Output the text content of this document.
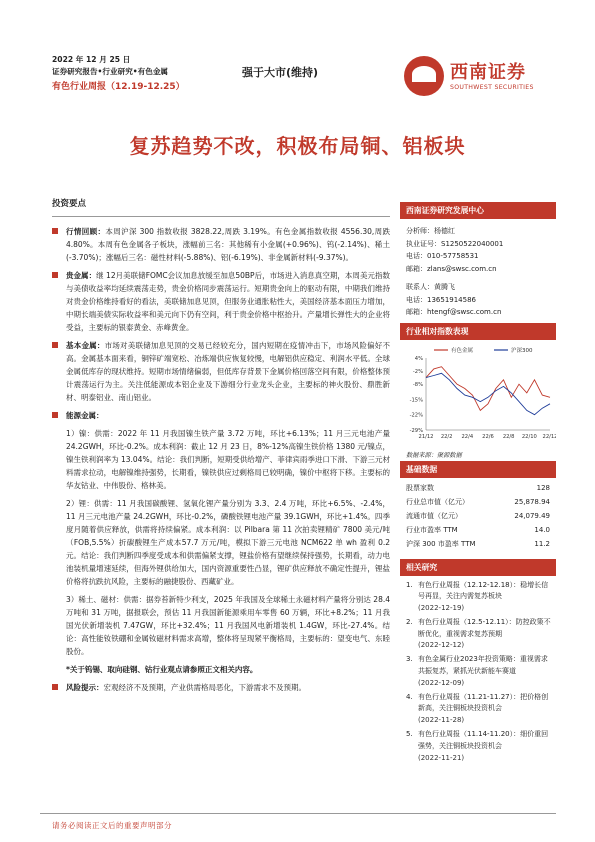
2022 年 12 月 25 日
证券研究报告•行业研究•有色金属
有色行业周报（12.19-12.25）
强于大市(维持)	西南证券
SOUTHWEST SECURITIES
复苏趋势不改，积极布局铜、铝板块
投资要点
行情回顾：本周沪深 300 指数收报 3828.22,周跌 3.19%。有色金属指数收报 4556.30,周跌 4.80%。本周有色金属各子板块，涨幅前三名：其他稀有小金属(+0.96%)、钨(-2.14%)、稀土(-3.70%)；涨幅后三名：磁性材料(-5.88%)、铝(-6.19%)、非金属新材料(-9.37%)。
贵金属：继 12月美联储FOMC会议加息放缓至加息50BP后，市场进入消息真空期，本周美元指数与美债收益率均延续震荡走势，贵金价格同步震荡运行。短期贵金向上的驱动有限，中期我们维持对贵金价格维持看好的看法，美联储加息见顶，但服务业通胀粘性大，美国经济基本面压力增加，中期长端美债实际收益率和美元向下仍有空间，利于贵金价格中枢抬升。产量增长弹性大的企业将受益，主要标的银泰黄金、赤峰黄金。
基本金属：市场对美联储加息见顶的交易已经较充分，国内短期在疫情冲击下，市场风险偏好不高。金属基本面来看，铜锌矿端宽松、冶炼端供应恢复较慢，电解铝供应稳定、利润水平低。全球金属低库存的现状维持。短期市场情绪偏弱，但低库存背景下金属价格回落空间有限，价格整体预计震荡运行为主。关注低能源成本铝企业及下游细分行业龙头企业，主要标的神火股份、鼎胜新材、明泰铝业、南山铝业。
能源金属：
1）镍：供需：2022 年 11 月我国镍生铁产量 3.72 万吨，环比+6.13%；11 月三元电池产量 24.2GWH，环比-0.2%。成本利润：截止 12 月 23 日，8%-12%高镍生铁价格 1380 元/镍点，镍生铁利润率为 13.04%。结论：我们判断，短期受供给增产、菲律宾雨季进口下滑、下游三元材料需求拉动，电解镍维持强势，长期看，镍铁供应过剩格局已较明确，镍价中枢将下移。主要标的华友钴业、中伟股份、格林美。
2）锂：供需：11 月我国碳酸锂、氢氧化锂产量分别为 3.3、2.4 万吨，环比+6.5%、-2.4%，11 月三元电池产量 24.2GWH，环比-0.2%，磷酸铁锂电池产量 39.1GWH，环比+1.4%。四季度月随着供应释放，供需将持续偏紧。成本利润：以 Pilbara 第 11 次拍卖锂精矿 7800 美元/吨（FOB,5.5%）折碳酸锂生产成本57.7 万元/吨，模拟下游三元电池 NCM622 单 wh 盈利 0.2 元。结论：我们判断四季度受成本和供需偏紧支撑，锂盐价格有望继续保持强势，长期看，动力电池装机量增速延续，但海外锂供给加大，国内资源重要性凸显，锂矿供应释放不确定性提升，锂盐价格将抗跌抗风险，主要标的融捷股份、西藏矿业。
3）稀土、磁材：供需：据券苔新特少利支，2025 年我国及全球稀土永磁材料产量将分别达 28.4 万吨和 31 万吨，据报联会，预估 11 月我国新能源乘用车零售 60 万辆，环比+8.2%；11 月我国光伏新增装机 7.47GW，环比+32.4%；11 月我国风电新增装机 1.4GW，环比-27.4%。结论：高性能钕铁硼和金属钕磁材料需求高增，整体将呈现紧平衡格局，主要标的：望变电气、东睦股份。
*关于钨锡、取向硅钢、钴行业观点请参照正文相关内容。
风险提示：宏观经济不及预期，产业供需格局恶化，下游需求不及预期。
西南证券研究发展中心
分析师：杨德红
执业证号：S1250522040001
电话：010-57758531
邮箱：zlans@swsc.com.cn
联系人：黄腾飞
电话：13651914586
邮箱：htengf@swsc.com.cn
行业相对指数表现
有色金属	沪深300
4%
-2%
-8%
-15%
-22%
-29%
21/12 22/2 22/4 22/6 22/8 22/10 22/12
数据来源：聚源数据
基础数据
股票家数	128
行业总市值（亿元）	25,878.94
流通市值（亿元）	24,079.49
行业市盈率 TTM	14.0
沪深 300 市盈率 TTM	11.2
相关研究
1. 有色行业周报（12.12-12.18）：稳增长信号再显，关注内需复苏板块
(2022-12-19)
2. 有色行业周报（12.5-12.11）：防控政策不断优化，重视需求复苏预期
(2022-12-12)
3. 有色金属行业2023年投资策略：重视需求共振复苏，紧抓光伏新能车赛道
(2022-12-09)
4. 有色行业周报（11.21-11.27）：把价格创新高，关注铜板块投资机会
(2022-11-28)
5. 有色行业周报（11.14-11.20）：细价重回强势，关注铜板块投资机会
(2022-11-21)
请务必阅读正文后的重要声明部分
